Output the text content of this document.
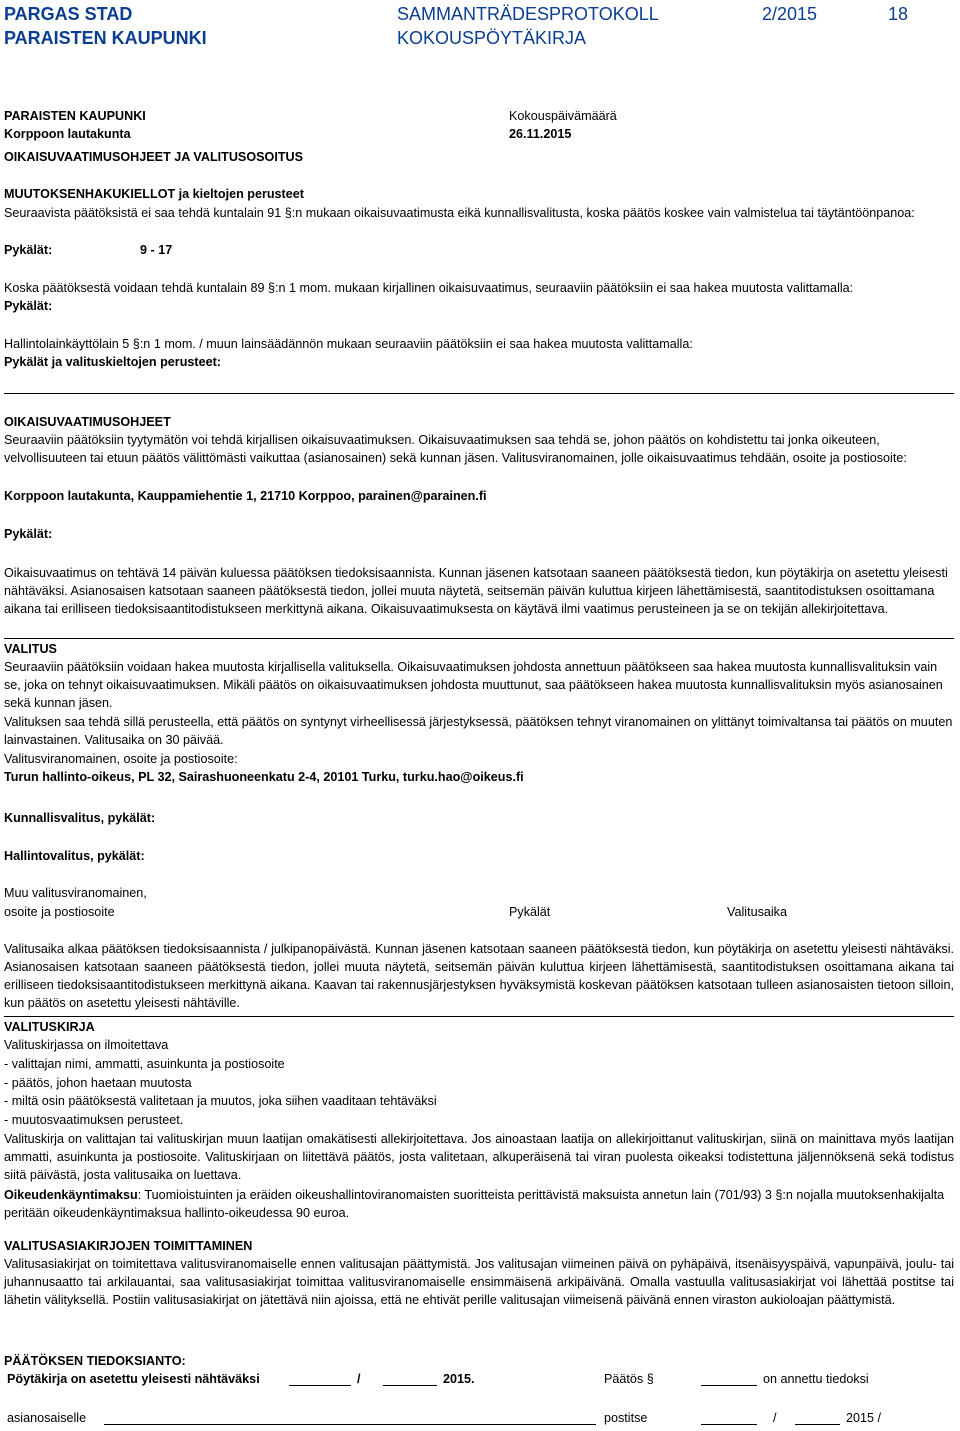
PARGAS STAD
PARAISTEN KAUPUNKI
SAMMANTRÄDESPROTOKOLL
KOKOUSPÖYTÄKIRJA
2/2015	18
PARAISTEN KAUPUNKI	Kokouspäivämäärä
Korppoon lautakunta	26.11.2015
OIKAISUVAATIMUSOHJEET JA VALITUSOSOITUS
MUUTOKSENHAKUKIELLOT ja kieltojen perusteet
Seuraavista päätöksistä ei saa tehdä kuntalain 91 §:n mukaan oikaisuvaatimusta eikä kunnallisvalitusta, koska päätös koskee vain valmistelua tai täytäntöönpanoa:
Pykälät:	9 - 17
Koska päätöksestä voidaan tehdä kuntalain 89 §:n 1 mom. mukaan kirjallinen oikaisuvaatimus, seuraaviin päätöksiin ei saa hakea muutosta valittamalla:
Pykälät:
Hallintolainkäyttölain 5 §:n 1 mom. / muun lainsäädännön mukaan seuraaviin päätöksiin ei saa hakea muutosta valittamalla:
Pykälät ja valituskieltojen perusteet:
OIKAISUVAATIMUSOHJEET
Seuraaviin päätöksiin tyytymätön voi tehdä kirjallisen oikaisuvaatimuksen. Oikaisuvaatimuksen saa tehdä se, johon päätös on kohdistettu tai jonka oikeuteen, velvollisuuteen tai etuun päätös välittömästi vaikuttaa (asianosainen) sekä kunnan jäsen. Valitusviranomainen, jolle oikaisuvaatimus tehdään, osoite ja postiosoite:
Korppoon lautakunta, Kauppamiehentie 1, 21710 Korppoo, parainen@parainen.fi
Pykälät:
Oikaisuvaatimus on tehtävä 14 päivän kuluessa päätöksen tiedoksisaannista. Kunnan jäsenen katsotaan saaneen päätöksestä tiedon, kun pöytäkirja on asetettu yleisesti nähtäväksi. Asianosaisen katsotaan saaneen päätöksestä tiedon, jollei muuta näytetä, seitsemän päivän kuluttua kirjeen lähettämisestä, saantitodistuksen osoittamana aikana tai erilliseen tiedoksisaantitodistukseen merkittynä aikana. Oikaisuvaatimuksesta on käytävä ilmi vaatimus perusteineen ja se on tekijän allekirjoitettava.
VALITUS
Seuraaviin päätöksiin voidaan hakea muutosta kirjallisella valituksella. Oikaisuvaatimuksen johdosta annettuun päätökseen saa hakea muutosta kunnallisvalituksin vain se, joka on tehnyt oikaisuvaatimuksen. Mikäli päätös on oikaisuvaatimuksen johdosta muuttunut, saa päätökseen hakea muutosta kunnallisvalituksin myös asianosainen sekä kunnan jäsen.
Valituksen saa tehdä sillä perusteella, että päätös on syntynyt virheellisessä järjestyksessä, päätöksen tehnyt viranomainen on ylittänyt toimivaltansa tai päätös on muuten lainvastainen. Valitusaika on 30 päivää.
Valitusviranomainen, osoite ja postiosoite:
Turun hallinto-oikeus, PL 32, Sairashuoneenkatu 2-4, 20101 Turku, turku.hao@oikeus.fi
Kunnallisvalitus, pykälät:
Hallintovalitus, pykälät:
Muu valitusviranomainen,
osoite ja postiosoite	Pykälät	Valitusaika
Valitusaika alkaa päätöksen tiedoksisaannista / julkipanopäivästä. Kunnan jäsenen katsotaan saaneen päätöksestä tiedon, kun pöytäkirja on asetettu yleisesti nähtäväksi. Asianosaisen katsotaan saaneen päätöksestä tiedon, jollei muuta näytetä, seitsemän päivän kuluttua kirjeen lähettämisestä, saantitodistuksen osoittamana aikana tai erilliseen tiedoksisaantitodistukseen merkittynä aikana. Kaavan tai rakennusjärjestyksen hyväksymistä koskevan päätöksen katsotaan tulleen asianosaisten tietoon silloin, kun päätös on asetettu yleisesti nähtäville.
VALITUSKIRJA
Valituskirjassa on ilmoitettava
- valittajan nimi, ammatti, asuinkunta ja postiosoite
- päätös, johon haetaan muutosta
- miltä osin päätöksestä valitetaan ja muutos, joka siihen vaaditaan tehtäväksi
- muutosvaatimuksen perusteet.
Valituskirja on valittajan tai valituskirjan muun laatijan omakätisesti allekirjoitettava. Jos ainoastaan laatija on allekirjoittanut valituskirjan, siinä on mainittava myös laatijan ammatti, asuinkunta ja postiosoite. Valituskirjaan on liitettävä päätös, josta valitetaan, alkuperäisenä tai viran puolesta oikeaksi todistettuna jäljennöksenä sekä todistus siitä päivästä, josta valitusaika on luettava.
Oikeudenkäyntimaksu: Tuomioistuinten ja eräiden oikeushallintoviranomaisten suoritteista perittävistä maksuista annetun lain (701/93) 3 §:n nojalla muutoksenhakijalta peritään oikeudenkäyntimaksua hallinto-oikeudessa 90 euroa.
VALITUSASIAKIRJOJEN TOIMITTAMINEN
Valitusasiakirjat on toimitettava valitusviranomaiselle ennen valitusajan päättymistä. Jos valitusajan viimeinen päivä on pyhäpäivä, itsenäisyyspäivä, vapunpäivä, joulu- tai juhannusaatto tai arkilauantai, saa valitusasiakirjat toimittaa valitusviranomaiselle ensimmäisenä arkipäivänä. Omalla vastuulla valitusasiakirjat voi lähettää postitse tai lähetin välityksellä. Postiin valitusasiakirjat on jätettävä niin ajoissa, että ne ehtivät perille valitusajan viimeisenä päivänä ennen viraston aukioloajan päättymistä.
PÄÄTÖKSEN TIEDOKSIANTO:
Pöytäkirja on asetettu yleisesti nähtäväksi	/	2015.	Päätös §	on annettu tiedoksi
asianosaiselle	postitse	/	2015 /
